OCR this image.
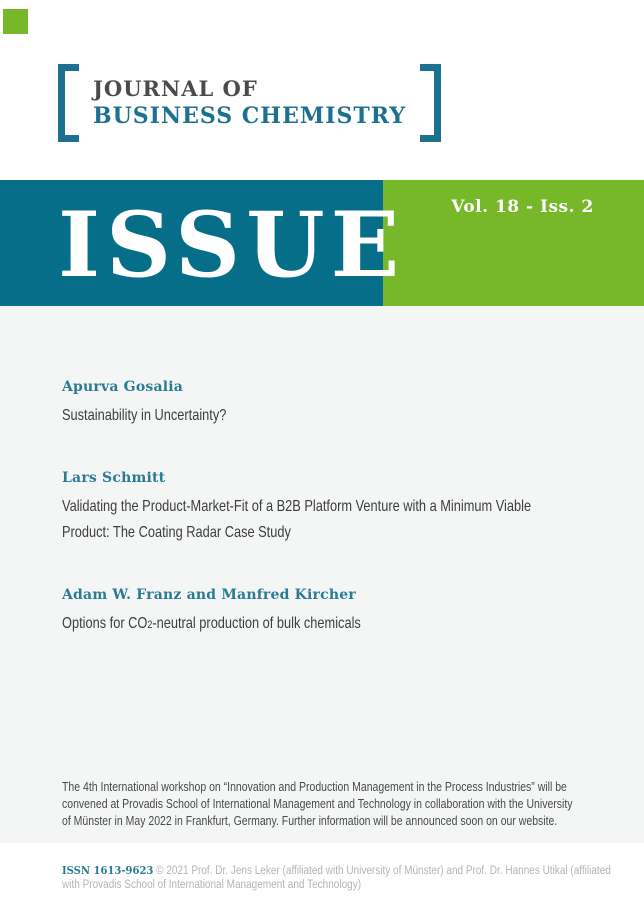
JOURNAL OF
BUSINESS CHEMISTRY
ISSUE	Vol. 18 - Iss. 2
Apurva Gosalia
Sustainability in Uncertainty?
Lars Schmitt
Validating the Product-Market-Fit of a B2B Platform Venture with a Minimum Viable Product: The Coating Radar Case Study
Adam W. Franz and Manfred Kircher
Options for CO2-neutral production of bulk chemicals
The 4th International workshop on “Innovation and Production Management in the Process Industries” will be
convened at Provadis School of International Management and Technology in collaboration with the University
of Münster in May 2022 in Frankfurt, Germany. Further information will be announced soon on our website.
ISSN 1613-9623 © 2021 Prof. Dr. Jens Leker (affiliated with University of Münster) and Prof. Dr. Hannes Utikal (affiliated with Provadis School of International Management and Technology)
